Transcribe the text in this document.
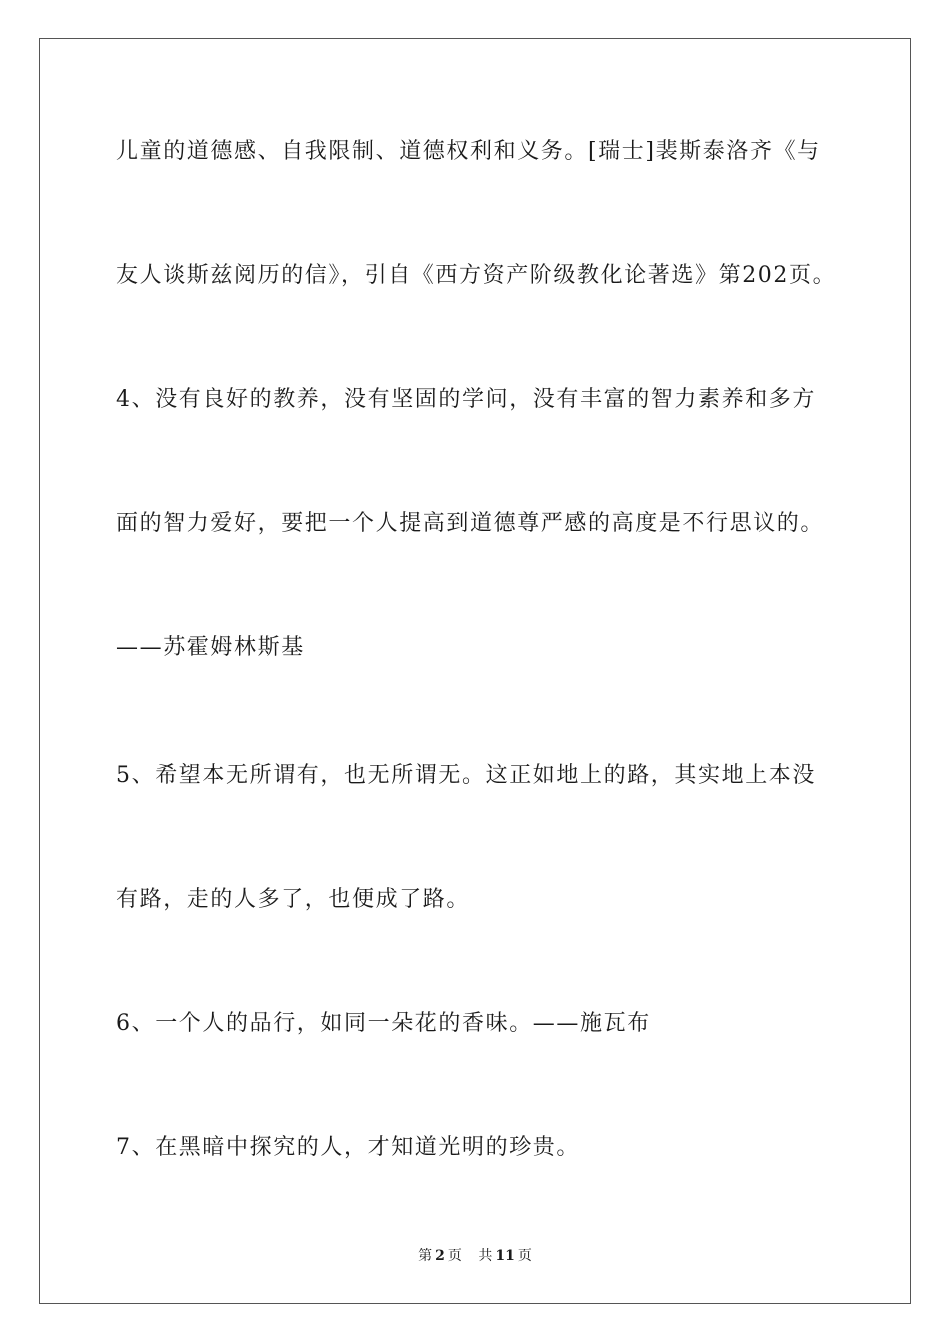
儿童的道德感、自我限制、道德权利和义务。[瑞士]裴斯泰洛齐《与
友人谈斯兹阅历的信》，引自《西方资产阶级教化论著选》第202页。
4、没有良好的教养，没有坚固的学问，没有丰富的智力素养和多方
面的智力爱好，要把一个人提高到道德尊严感的高度是不行思议的。
——苏霍姆林斯基
5、希望本无所谓有，也无所谓无。这正如地上的路，其实地上本没
有路，走的人多了，也便成了路。
6、一个人的品行，如同一朵花的香味。——施瓦布
7、在黑暗中探究的人，才知道光明的珍贵。
第 2 页 共 11 页
